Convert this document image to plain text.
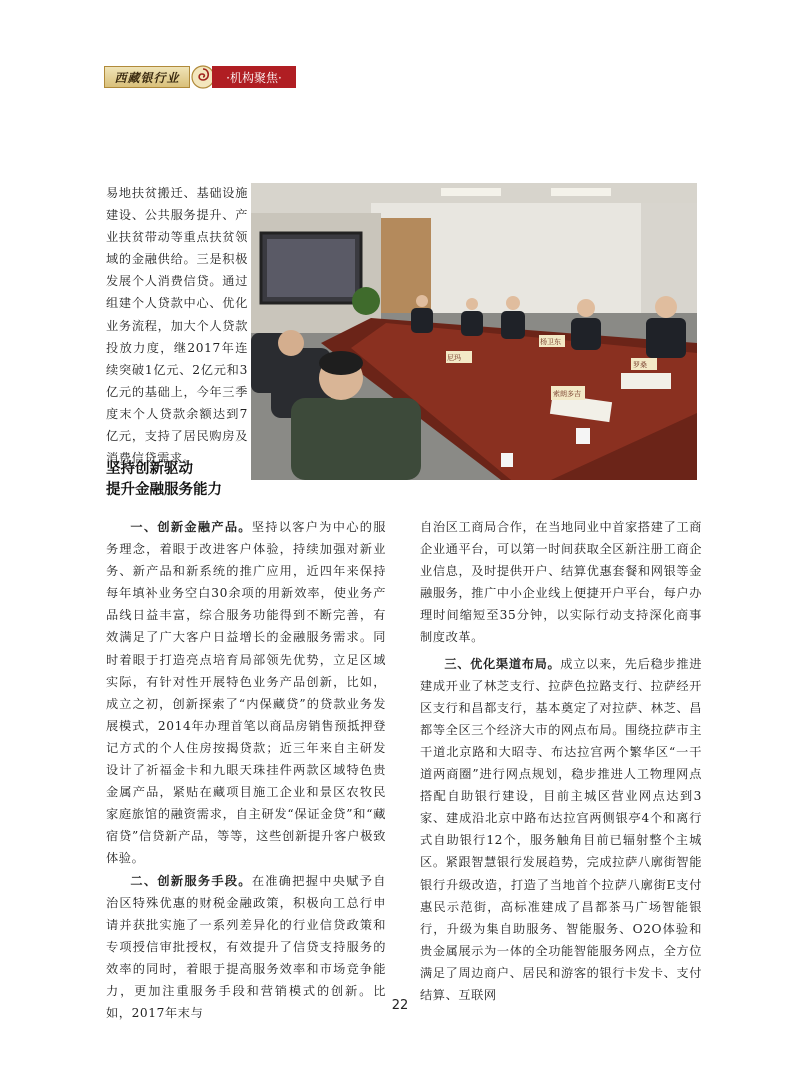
西藏银行业	·机构聚焦·

易地扶贫搬迁、基础设施建设、公共服务提升、产业扶贫带动等重点扶贫领域的金融供给。三是积极发展个人消费信贷。通过组建个人贷款中心、优化业务流程，加大个人贷款投放力度，继2017年连续突破1亿元、2亿元和3亿元的基础上，今年三季度末个人贷款余额达到7亿元，支持了居民购房及消费信贷需求。

尼玛
杨卫东
索朗多吉
罗桑
坚持创新驱动
提升金融服务能力

一、创新金融产品。坚持以客户为中心的服务理念，着眼于改进客户体验，持续加强对新业务、新产品和新系统的推广应用，近四年来保持每年填补业务空白30余项的用新效率，使业务产品线日益丰富，综合服务功能得到不断完善，有效满足了广大客户日益增长的金融服务需求。同时着眼于打造亮点培育局部领先优势，立足区域实际，有针对性开展特色业务产品创新，比如，成立之初，创新探索了“内保藏贷”的贷款业务发展模式，2014年办理首笔以商品房销售预抵押登记方式的个人住房按揭贷款；近三年来自主研发设计了祈福金卡和九眼天珠挂件两款区域特色贵金属产品，紧贴在藏项目施工企业和景区农牧民家庭旅馆的融资需求，自主研发“保证金贷”和“藏宿贷”信贷新产品，等等，这些创新提升客户极致体验。

二、创新服务手段。在准确把握中央赋予自治区特殊优惠的财税金融政策，积极向工总行申请并获批实施了一系列差异化的行业信贷政策和专项授信审批授权，有效提升了信贷支持服务的效率的同时，着眼于提高服务效率和市场竞争能力，更加注重服务手段和营销模式的创新。比如，2017年末与

自治区工商局合作，在当地同业中首家搭建了工商企业通平台，可以第一时间获取全区新注册工商企业信息，及时提供开户、结算优惠套餐和网银等金融服务，推广中小企业线上便捷开户平台，每户办理时间缩短至35分钟，以实际行动支持深化商事制度改革。

三、优化渠道布局。成立以来，先后稳步推进建成开业了林芝支行、拉萨色拉路支行、拉萨经开区支行和昌都支行，基本奠定了对拉萨、林芝、昌都等全区三个经济大市的网点布局。围绕拉萨市主干道北京路和大昭寺、布达拉宫两个繁华区“一干道两商圈”进行网点规划，稳步推进人工物理网点搭配自助银行建设，目前主城区营业网点达到3家、建成沿北京中路布达拉宫两侧银亭4个和离行式自助银行12个，服务触角目前已辐射整个主城区。紧跟智慧银行发展趋势，完成拉萨八廓街智能银行升级改造，打造了当地首个拉萨八廓街E支付惠民示范街，高标准建成了昌都茶马广场智能银行，升级为集自助服务、智能服务、O2O体验和贵金属展示为一体的全功能智能服务网点，全方位满足了周边商户、居民和游客的银行卡发卡、支付结算、互联网

22
